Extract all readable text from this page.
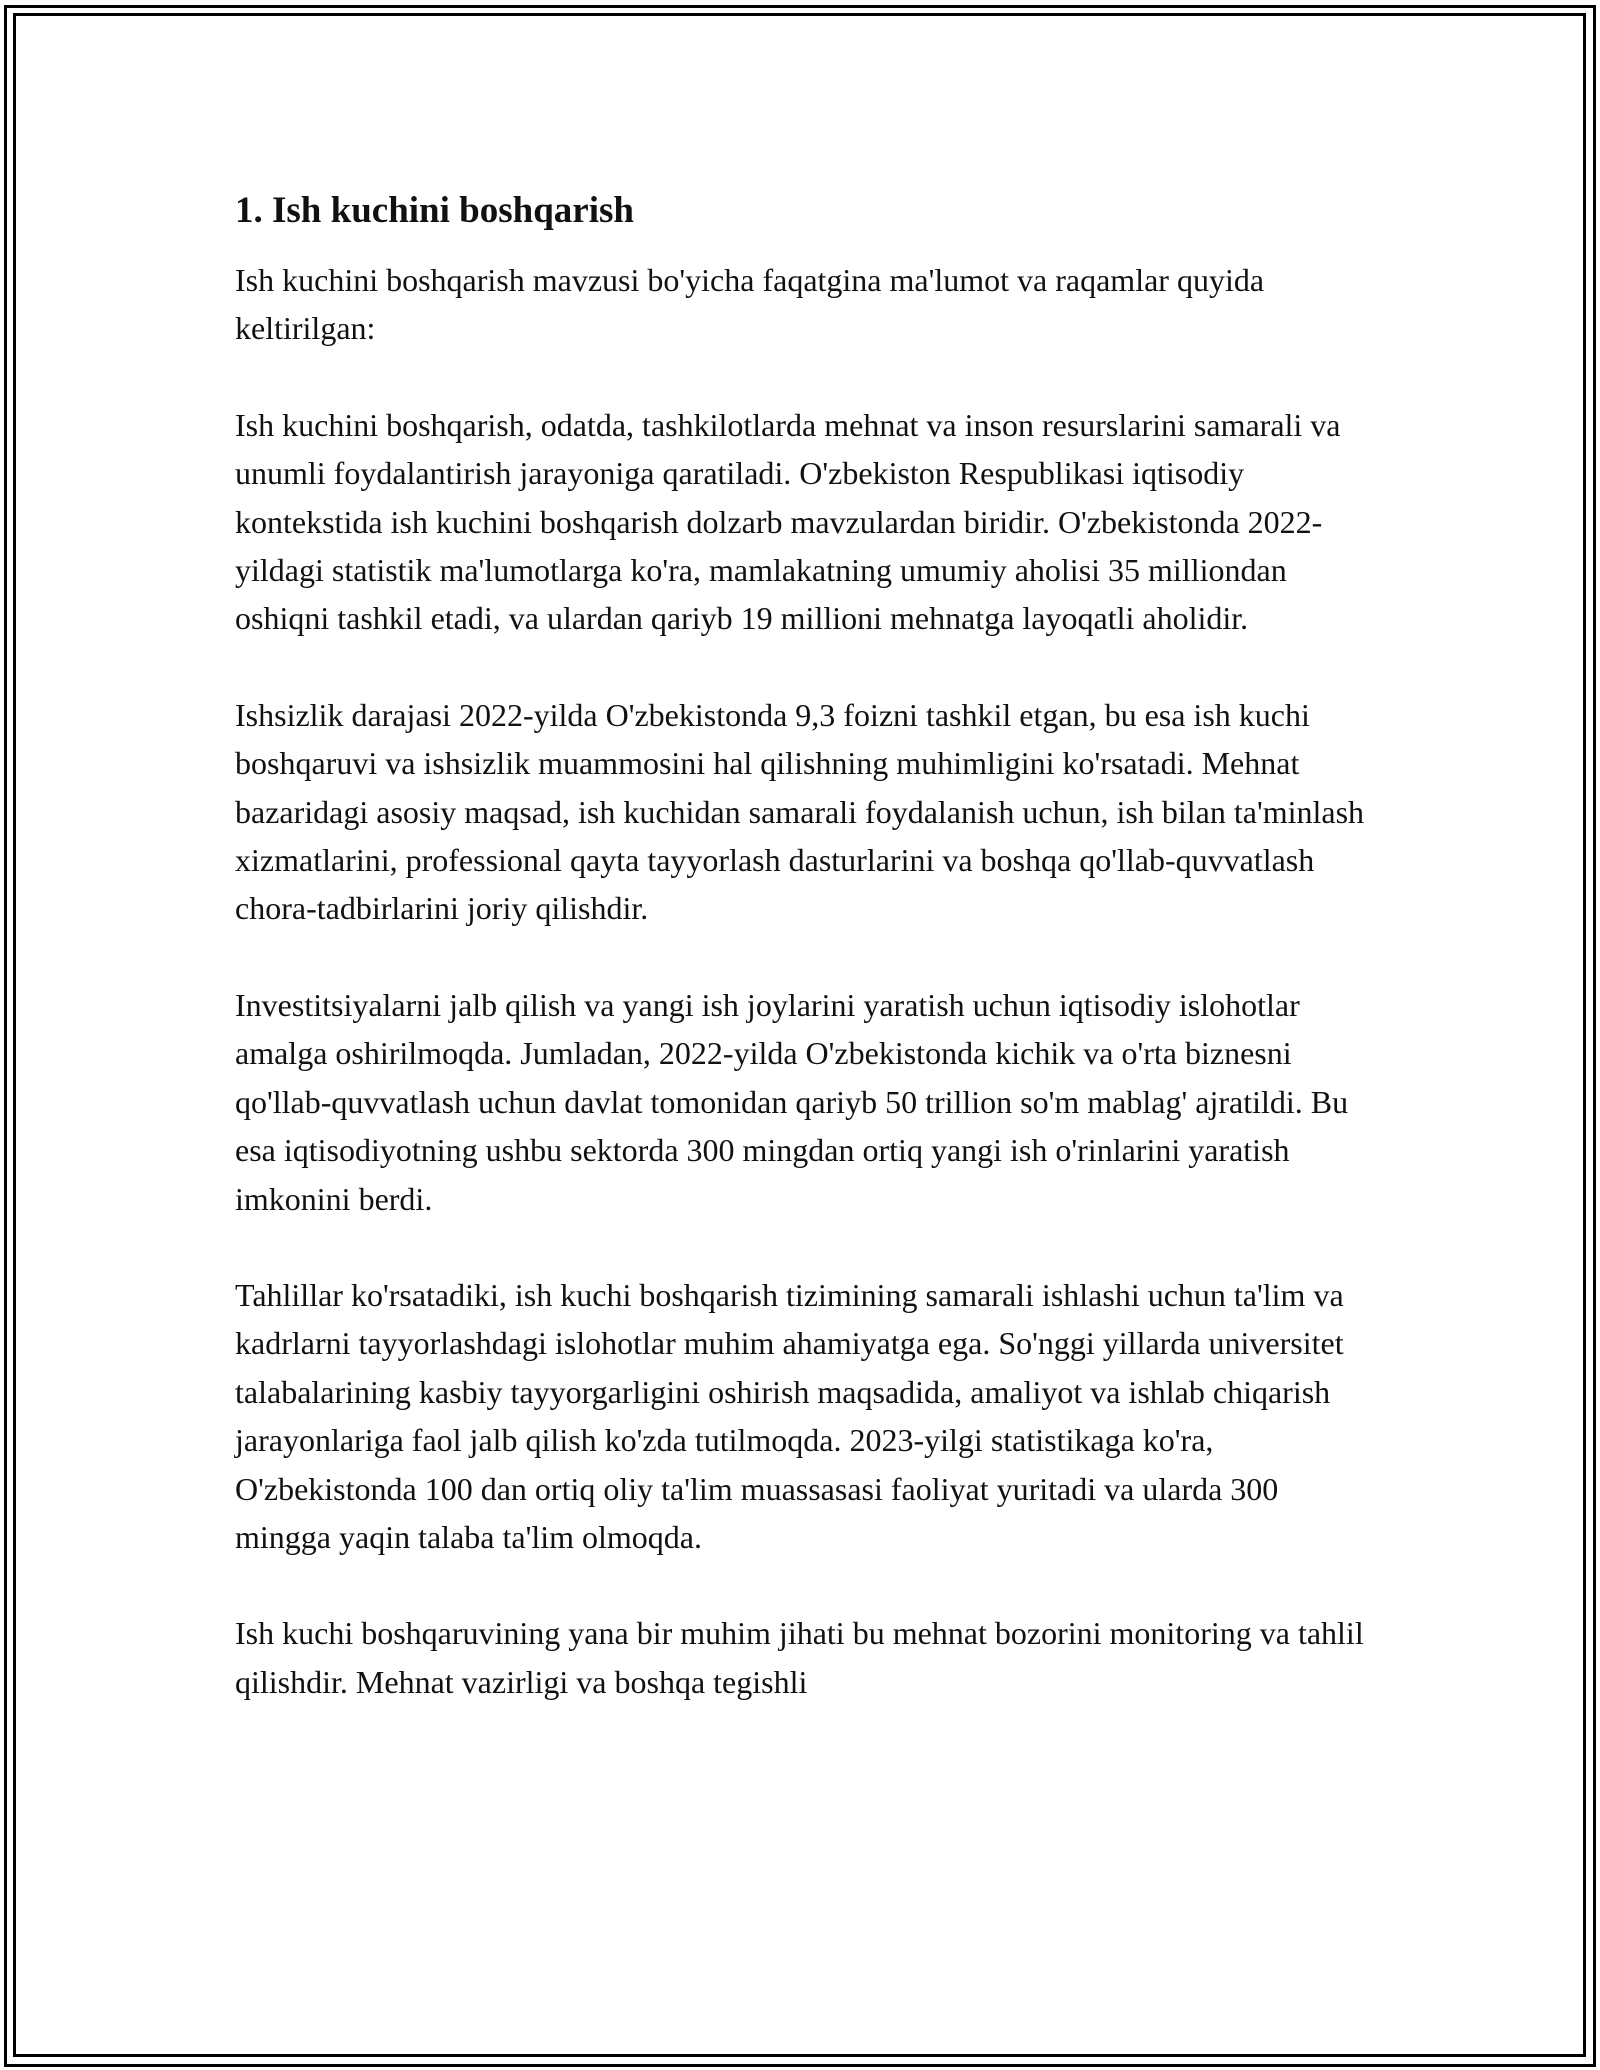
1. Ish kuchini boshqarish

Ish kuchini boshqarish mavzusi bo'yicha faqatgina ma'lumot va raqamlar quyida keltirilgan:

Ish kuchini boshqarish, odatda, tashkilotlarda mehnat va inson resurslarini samarali va unumli foydalantirish jarayoniga qaratiladi. O'zbekiston Respublikasi iqtisodiy kontekstida ish kuchini boshqarish dolzarb mavzulardan biridir. O'zbekistonda 2022-yildagi statistik ma'lumotlarga ko'ra, mamlakatning umumiy aholisi 35 milliondan oshiqni tashkil etadi, va ulardan qariyb 19 millioni mehnatga layoqatli aholidir.

Ishsizlik darajasi 2022-yilda O'zbekistonda 9,3 foizni tashkil etgan, bu esa ish kuchi boshqaruvi va ishsizlik muammosini hal qilishning muhimligini ko'rsatadi. Mehnat bazaridagi asosiy maqsad, ish kuchidan samarali foydalanish uchun, ish bilan ta'minlash xizmatlarini, professional qayta tayyorlash dasturlarini va boshqa qo'llab-quvvatlash chora-tadbirlarini joriy qilishdir.

Investitsiyalarni jalb qilish va yangi ish joylarini yaratish uchun iqtisodiy islohotlar amalga oshirilmoqda. Jumladan, 2022-yilda O'zbekistonda kichik va o'rta biznesni qo'llab-quvvatlash uchun davlat tomonidan qariyb 50 trillion so'm mablag' ajratildi. Bu esa iqtisodiyotning ushbu sektorda 300 mingdan ortiq yangi ish o'rinlarini yaratish imkonini berdi.

Tahlillar ko'rsatadiki, ish kuchi boshqarish tizimining samarali ishlashi uchun ta'lim va kadrlarni tayyorlashdagi islohotlar muhim ahamiyatga ega. So'nggi yillarda universitet talabalarining kasbiy tayyorgarligini oshirish maqsadida, amaliyot va ishlab chiqarish jarayonlariga faol jalb qilish ko'zda tutilmoqda. 2023-yilgi statistikaga ko'ra, O'zbekistonda 100 dan ortiq oliy ta'lim muassasasi faoliyat yuritadi va ularda 300 mingga yaqin talaba ta'lim olmoqda.

Ish kuchi boshqaruvining yana bir muhim jihati bu mehnat bozorini monitoring va tahlil qilishdir. Mehnat vazirligi va boshqa tegishli
